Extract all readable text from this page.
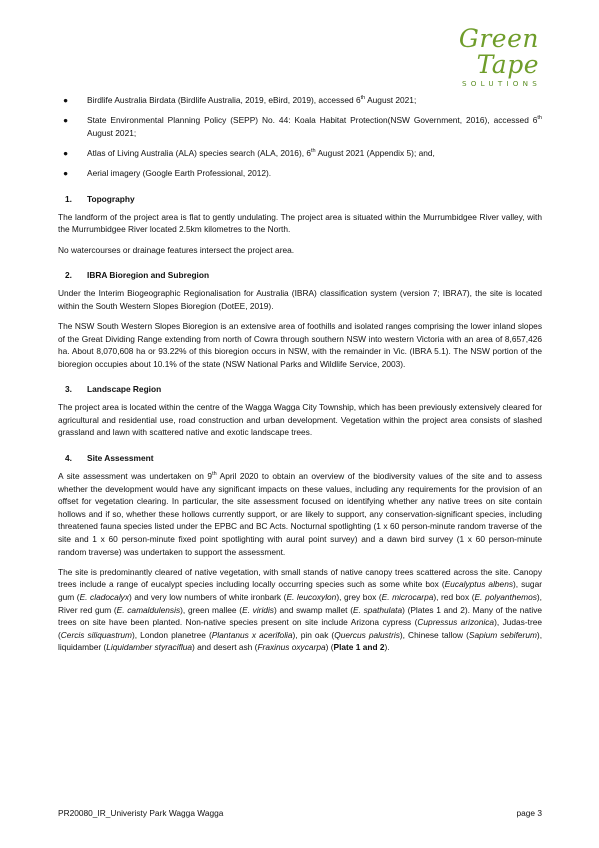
Green Tape
SOLUTIONS
● Birdlife Australia Birdata (Birdlife Australia, 2019, eBird, 2019), accessed 6th August 2021;
● State Environmental Planning Policy (SEPP) No. 44: Koala Habitat Protection(NSW Government, 2016), accessed 6th August 2021;
● Atlas of Living Australia (ALA) species search (ALA, 2016), 6th August 2021 (Appendix 5); and,
● Aerial imagery (Google Earth Professional, 2012).
1. Topography

The landform of the project area is flat to gently undulating. The project area is situated within the Murrumbidgee River valley, with the Murrumbidgee River located 2.5km kilometres to the North.

No watercourses or drainage features intersect the project area.

2. IBRA Bioregion and Subregion

Under the Interim Biogeographic Regionalisation for Australia (IBRA) classification system (version 7; IBRA7), the site is located within the South Western Slopes Bioregion (DotEE, 2019).

The NSW South Western Slopes Bioregion is an extensive area of foothills and isolated ranges comprising the lower inland slopes of the Great Dividing Range extending from north of Cowra through southern NSW into western Victoria with an area of 8,657,426 ha. About 8,070,608 ha or 93.22% of this bioregion occurs in NSW, with the remainder in Vic. (IBRA 5.1). The NSW portion of the bioregion occupies about 10.1% of the state (NSW National Parks and Wildlife Service, 2003).

3. Landscape Region

The project area is located within the centre of the Wagga Wagga City Township, which has been previously extensively cleared for agricultural and residential use, road construction and urban development. Vegetation within the project area consists of slashed grassland and lawn with scattered native and exotic landscape trees.

4. Site Assessment

A site assessment was undertaken on 9th April 2020 to obtain an overview of the biodiversity values of the site and to assess whether the development would have any significant impacts on these values, including any requirements for the provision of an offset for vegetation clearing. In particular, the site assessment focused on identifying whether any native trees on site contain hollows and if so, whether these hollows currently support, or are likely to support, any conservation-significant species, including threatened fauna species listed under the EPBC and BC Acts. Nocturnal spotlighting (1 x 60 person-minute random traverse of the site and 1 x 60 person-minute fixed point spotlighting with aural point survey) and a dawn bird survey (1 x 60 person-minute random traverse) was undertaken to support the assessment.

The site is predominantly cleared of native vegetation, with small stands of native canopy trees scattered across the site. Canopy trees include a range of eucalypt species including locally occurring species such as some white box (Eucalyptus albens), sugar gum (E. cladocalyx) and very low numbers of white ironbark (E. leucoxylon), grey box (E. microcarpa), red box (E. polyanthemos), River red gum (E. camaldulensis), green mallee (E. viridis) and swamp mallet (E. spathulata) (Plates 1 and 2). Many of the native trees on site have been planted. Non-native species present on site include Arizona cypress (Cupressus arizonica), Judas-tree (Cercis siliquastrum), London planetree (Plantanus x acerifolia), pin oak (Quercus palustris), Chinese tallow (Sapium sebiferum), liquidamber (Liquidamber styraciflua) and desert ash (Fraxinus oxycarpa) (Plate 1 and 2).

PR20080_IR_Univeristy Park Wagga Wagga	page 3
